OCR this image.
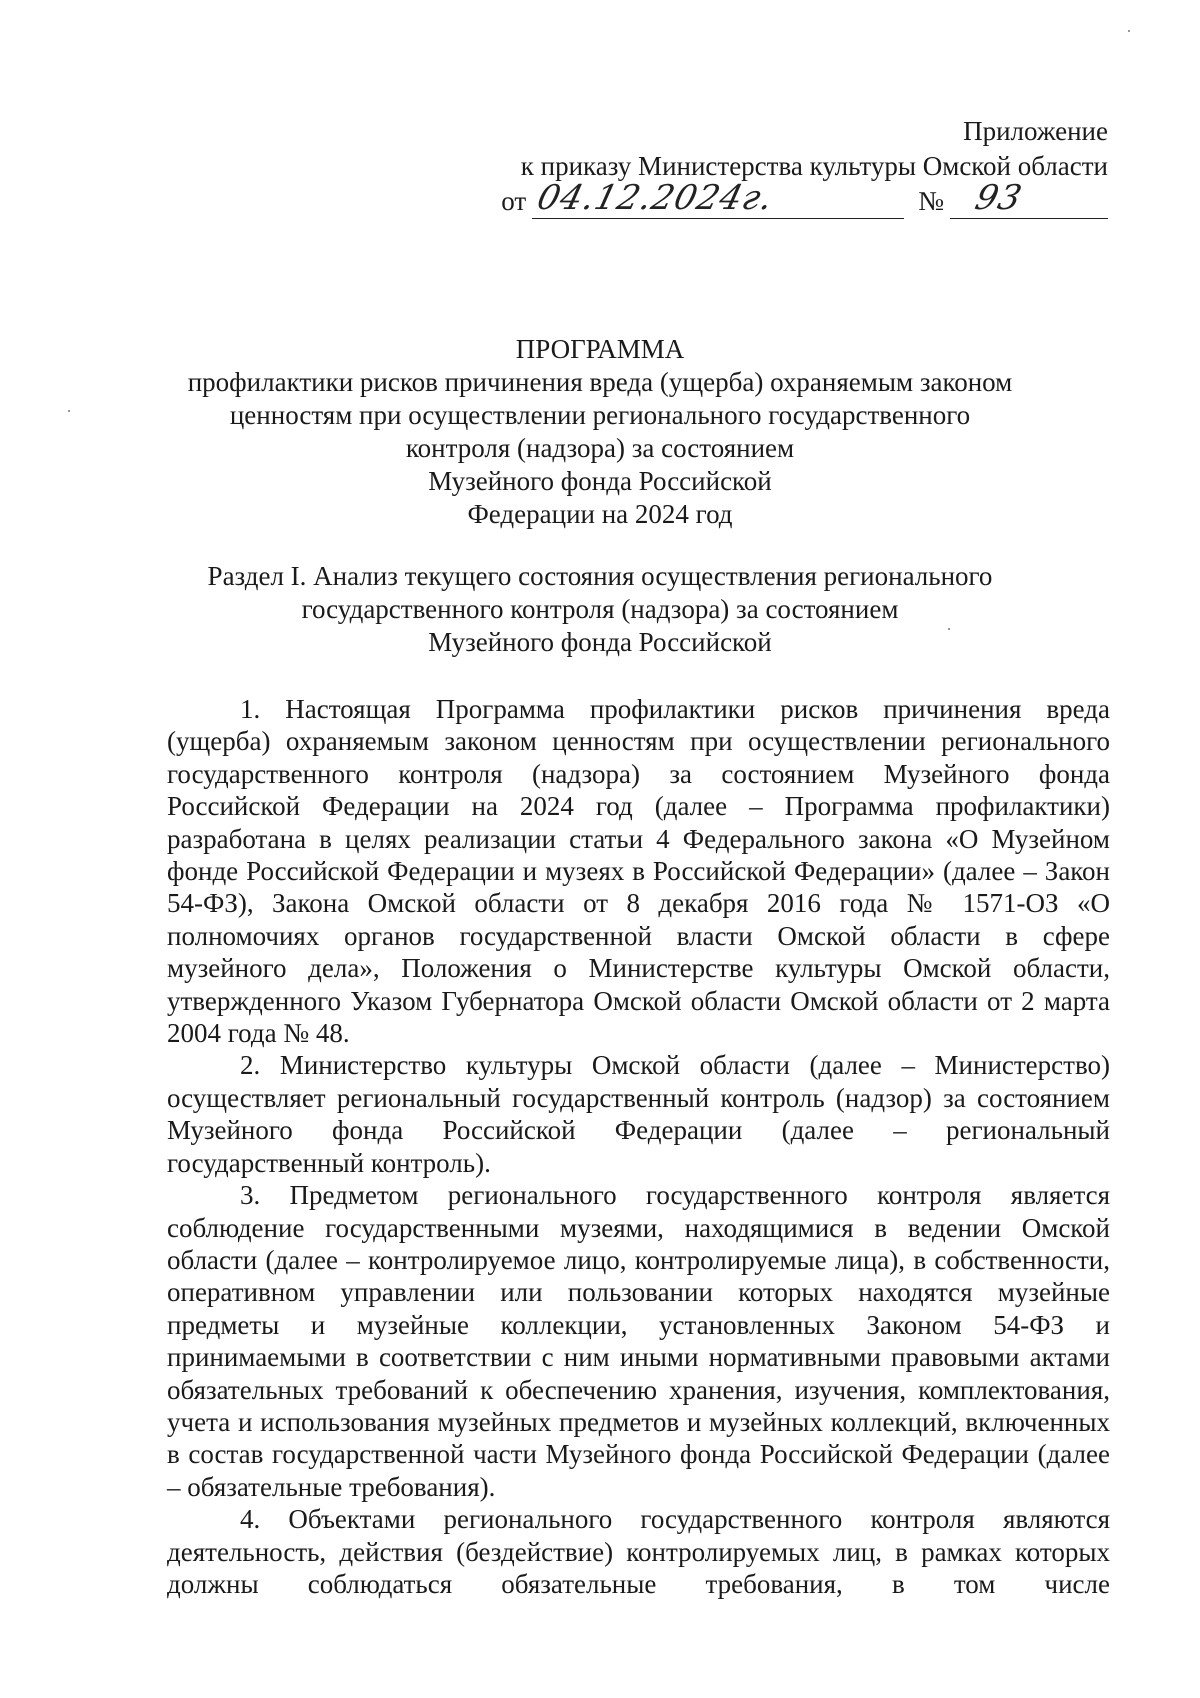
Приложение
к приказу Министерства культуры Омской области
от 04.12.2024г.	№ 93
ПРОГРАММА
профилактики рисков причинения вреда (ущерба) охраняемым законом
ценностям при осуществлении регионального государственного
контроля (надзора) за состоянием
Музейного фонда Российской
Федерации на 2024 год
Раздел I. Анализ текущего состояния осуществления регионального
государственного контроля (надзора) за состоянием
Музейного фонда Российской

1. Настоящая Программа профилактики рисков причинения вреда (ущерба) охраняемым законом ценностям при осуществлении регионального государственного контроля (надзора) за состоянием Музейного фонда Российской Федерации на 2024 год (далее – Программа профилактики) разработана в целях реализации статьи 4 Федерального закона «О Музейном фонде Российской Федерации и музеях в Российской Федерации» (далее – Закон 54-ФЗ), Закона Омской области от 8 декабря 2016 года № 1571-ОЗ «О полномочиях органов государственной власти Омской области в сфере музейного дела», Положения о Министерстве культуры Омской области, утвержденного Указом Губернатора Омской области Омской области от 2 марта 2004 года № 48.

2. Министерство культуры Омской области (далее – Министерство) осуществляет региональный государственный контроль (надзор) за состоянием Музейного фонда Российской Федерации (далее – региональный государственный контроль).

3. Предметом регионального государственного контроля является соблюдение государственными музеями, находящимися в ведении Омской области (далее – контролируемое лицо, контролируемые лица), в собственности, оперативном управлении или пользовании которых находятся музейные предметы и музейные коллекции, установленных Законом 54-ФЗ и принимаемыми в соответствии с ним иными нормативными правовыми актами обязательных требований к обеспечению хранения, изучения, комплектования, учета и использования музейных предметов и музейных коллекций, включенных в состав государственной части Музейного фонда Российской Федерации (далее – обязательные требования).

4. Объектами регионального государственного контроля являются деятельность, действия (бездействие) контролируемых лиц, в рамках которых должны соблюдаться обязательные требования, в том числе
